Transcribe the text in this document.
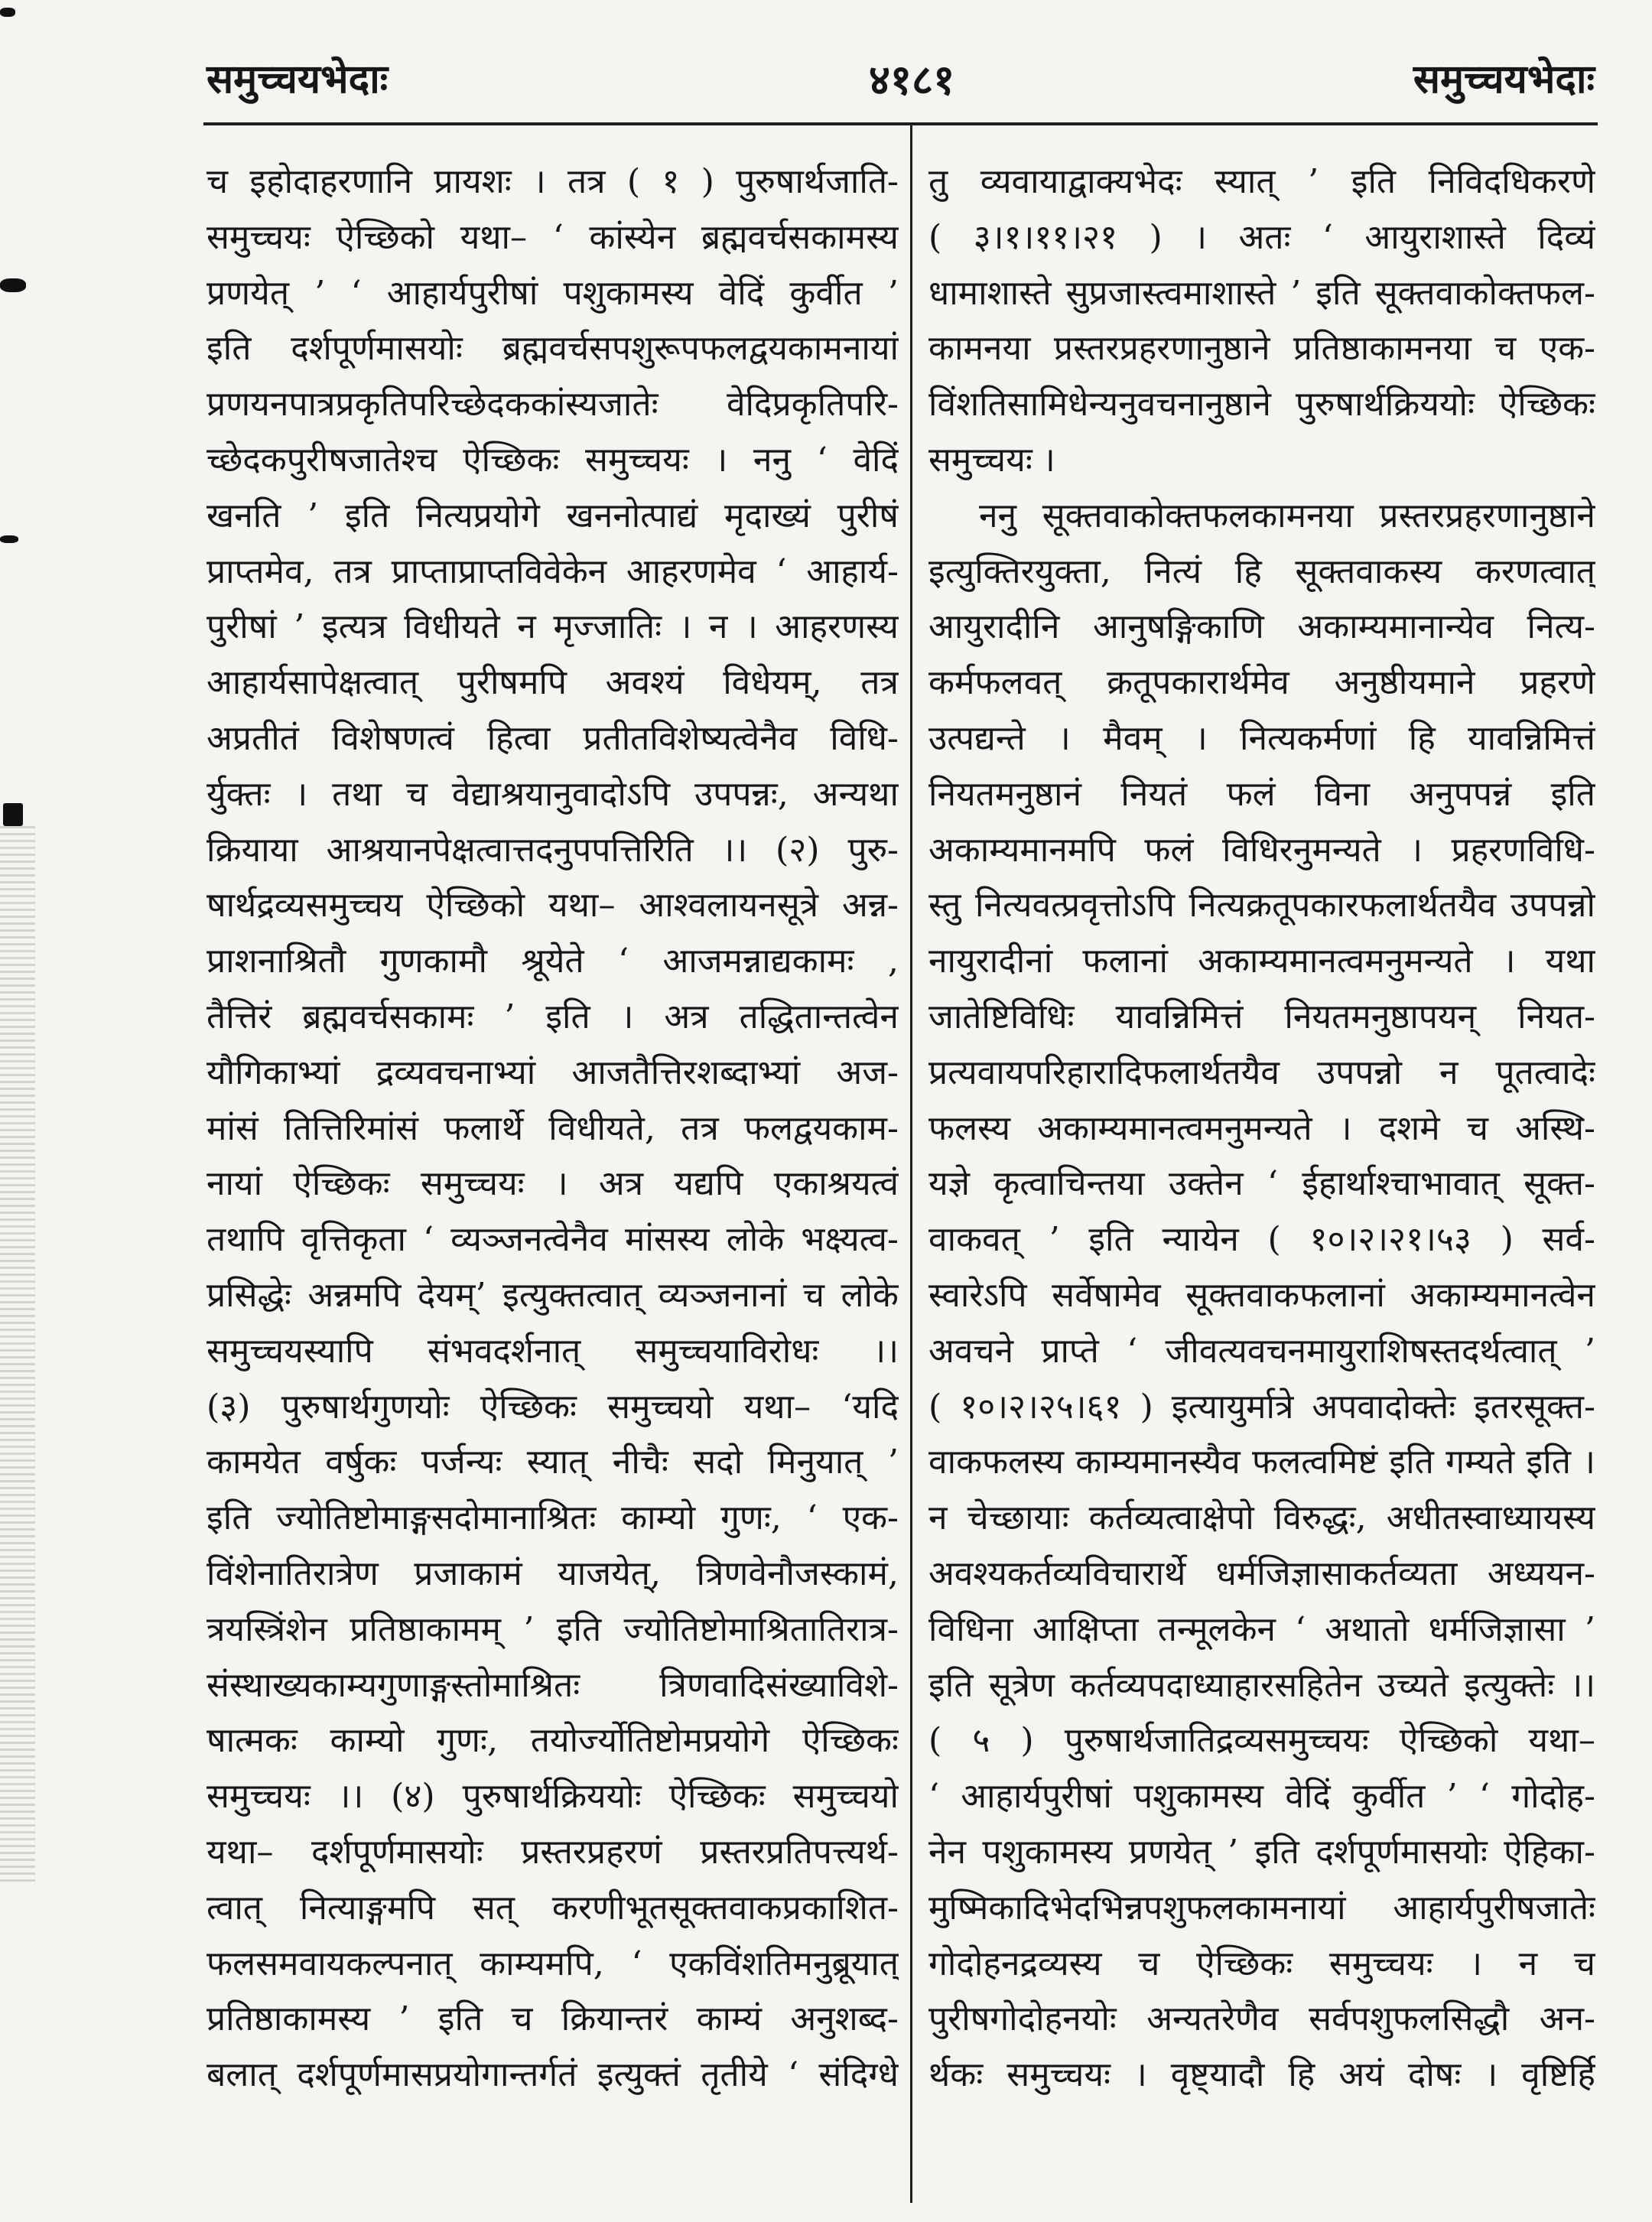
समुच्चयभेदाः	४१८१	समुच्चयभेदाः
च इहोदाहरणानि प्रायशः । तत्र ( १ ) पुरुषार्थजाति-
समुच्चयः ऐच्छिको यथा– ‘ कांस्येन ब्रह्मवर्चसकामस्य
प्रणयेत् ’ ‘ आहार्यपुरीषां पशुकामस्य वेदिं कुर्वीत ’
इति दर्शपूर्णमासयोः ब्रह्मवर्चसपशुरूपफलद्वयकामनायां
प्रणयनपात्रप्रकृतिपरिच्छेदककांस्यजातेः वेदिप्रकृतिपरि-
च्छेदकपुरीषजातेश्च ऐच्छिकः समुच्चयः । ननु ‘ वेदिं
खनति ’ इति नित्यप्रयोगे खननोत्पाद्यं मृदाख्यं पुरीषं
प्राप्तमेव, तत्र प्राप्ताप्राप्तविवेकेन आहरणमेव ‘ आहार्य-
पुरीषां ’ इत्यत्र विधीयते न मृज्जातिः । न । आहरणस्य
आहार्यसापेक्षत्वात् पुरीषमपि अवश्यं विधेयम्, तत्र
अप्रतीतं विशेषणत्वं हित्वा प्रतीतविशेष्यत्वेनैव विधि-
र्युक्तः । तथा च वेद्याश्रयानुवादोऽपि उपपन्नः, अन्यथा
क्रियाया आश्रयानपेक्षत्वात्तदनुपपत्तिरिति ।। (२) पुरु-
षार्थद्रव्यसमुच्चय ऐच्छिको यथा– आश्वलायनसूत्रे अन्न-
प्राशनाश्रितौ गुणकामौ श्रूयेते ‘ आजमन्नाद्यकामः ,
तैत्तिरं ब्रह्मवर्चसकामः ’ इति । अत्र तद्धितान्तत्वेन
यौगिकाभ्यां द्रव्यवचनाभ्यां आजतैत्तिरशब्दाभ्यां अज-
मांसं तित्तिरिमांसं फलार्थे विधीयते, तत्र फलद्वयकाम-
नायां ऐच्छिकः समुच्चयः । अत्र यद्यपि एकाश्रयत्वं
तथापि वृत्तिकृता ‘ व्यञ्जनत्वेनैव मांसस्य लोके भक्ष्यत्व-
प्रसिद्धेः अन्नमपि देयम्’ इत्युक्तत्वात् व्यञ्जनानां च लोके
समुच्चयस्यापि संभवदर्शनात् समुच्चयाविरोधः ।।
(३) पुरुषार्थगुणयोः ऐच्छिकः समुच्चयो यथा– ‘यदि
कामयेत वर्षुकः पर्जन्यः स्यात् नीचैः सदो मिनुयात् ’
इति ज्योतिष्टोमाङ्गसदोमानाश्रितः काम्यो गुणः, ‘ एक-
विंशेनातिरात्रेण प्रजाकामं याजयेत्, त्रिणवेनौजस्कामं,
त्रयस्त्रिंशेन प्रतिष्ठाकामम् ’ इति ज्योतिष्टोमाश्रितातिरात्र-
संस्थाख्यकाम्यगुणाङ्गस्तोमाश्रितः त्रिणवादिसंख्याविशे-
षात्मकः काम्यो गुणः, तयोर्ज्योतिष्टोमप्रयोगे ऐच्छिकः
समुच्चयः ।। (४) पुरुषार्थक्रिययोः ऐच्छिकः समुच्चयो
यथा– दर्शपूर्णमासयोः प्रस्तरप्रहरणं प्रस्तरप्रतिपत्त्यर्थ-
त्वात् नित्याङ्गमपि सत् करणीभूतसूक्तवाकप्रकाशित-
फलसमवायकल्पनात् काम्यमपि, ‘ एकविंशतिमनुब्रूयात्
प्रतिष्ठाकामस्य ’ इति च क्रियान्तरं काम्यं अनुशब्द-
बलात् दर्शपूर्णमासप्रयोगान्तर्गतं इत्युक्तं तृतीये ‘ संदिग्धे
तु व्यवायाद्वाक्यभेदः स्यात् ’ इति निविदधिकरणे
( ३।१।११।२१ ) । अतः ‘ आयुराशास्ते दिव्यं
धामाशास्ते सुप्रजास्त्वमाशास्ते ’ इति सूक्तवाकोक्तफल-
कामनया प्रस्तरप्रहरणानुष्ठाने प्रतिष्ठाकामनया च एक-
विंशतिसामिधेन्यनुवचनानुष्ठाने पुरुषार्थक्रिययोः ऐच्छिकः
समुच्चयः ।
ननु सूक्तवाकोक्तफलकामनया प्रस्तरप्रहरणानुष्ठाने
इत्युक्तिरयुक्ता, नित्यं हि सूक्तवाकस्य करणत्वात्
आयुरादीनि आनुषङ्गिकाणि अकाम्यमानान्येव नित्य-
कर्मफलवत् क्रतूपकारार्थमेव अनुष्ठीयमाने प्रहरणे
उत्पद्यन्ते । मैवम् । नित्यकर्मणां हि यावन्निमित्तं
नियतमनुष्ठानं नियतं फलं विना अनुपपन्नं इति
अकाम्यमानमपि फलं विधिरनुमन्यते । प्रहरणविधि-
स्तु नित्यवत्प्रवृत्तोऽपि नित्यक्रतूपकारफलार्थतयैव उपपन्नो
नायुरादीनां फलानां अकाम्यमानत्वमनुमन्यते । यथा
जातेष्टिविधिः यावन्निमित्तं नियतमनुष्ठापयन् नियत-
प्रत्यवायपरिहारादिफलार्थतयैव उपपन्नो न पूतत्वादेः
फलस्य अकाम्यमानत्वमनुमन्यते । दशमे च अस्थि-
यज्ञे कृत्वाचिन्तया उक्तेन ‘ ईहार्थाश्चाभावात् सूक्त-
वाकवत् ’ इति न्यायेन ( १०।२।२१।५३ ) सर्व-
स्वारेऽपि सर्वेषामेव सूक्तवाकफलानां अकाम्यमानत्वेन
अवचने प्राप्ते ‘ जीवत्यवचनमायुराशिषस्तदर्थत्वात् ’
( १०।२।२५।६१ ) इत्यायुर्मात्रे अपवादोक्तेः इतरसूक्त-
वाकफलस्य काम्यमानस्यैव फलत्वमिष्टं इति गम्यते इति ।
न चेच्छायाः कर्तव्यत्वाक्षेपो विरुद्धः, अधीतस्वाध्यायस्य
अवश्यकर्तव्यविचारार्थे धर्मजिज्ञासाकर्तव्यता अध्ययन-
विधिना आक्षिप्ता तन्मूलकेन ‘ अथातो धर्मजिज्ञासा ’
इति सूत्रेण कर्तव्यपदाध्याहारसहितेन उच्यते इत्युक्तेः ।।
( ५ ) पुरुषार्थजातिद्रव्यसमुच्चयः ऐच्छिको यथा–
‘ आहार्यपुरीषां पशुकामस्य वेदिं कुर्वीत ’ ‘ गोदोह-
नेन पशुकामस्य प्रणयेत् ’ इति दर्शपूर्णमासयोः ऐहिका-
मुष्मिकादिभेदभिन्नपशुफलकामनायां आहार्यपुरीषजातेः
गोदोहनद्रव्यस्य च ऐच्छिकः समुच्चयः । न च
पुरीषगोदोहनयोः अन्यतरेणैव सर्वपशुफलसिद्धौ अन-
र्थकः समुच्चयः । वृष्ट्यादौ हि अयं दोषः । वृष्टिर्हि
